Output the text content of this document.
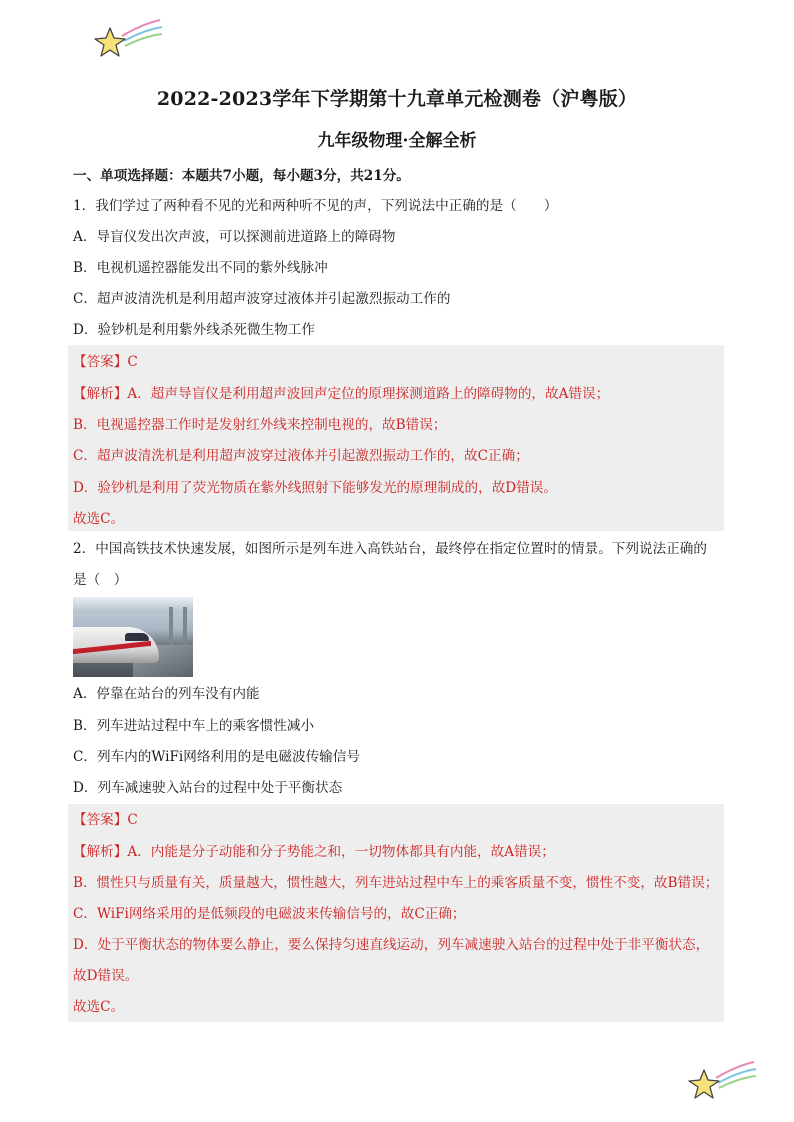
2022-2023学年下学期第十九章单元检测卷（沪粤版）
九年级物理·全解全析
一、单项选择题：本题共7小题，每小题3分，共21分。
1．我们学过了两种看不见的光和两种听不见的声，下列说法中正确的是（　　）
A．导盲仪发出次声波，可以探测前进道路上的障碍物
B．电视机遥控器能发出不同的紫外线脉冲
C．超声波清洗机是利用超声波穿过液体并引起激烈振动工作的
D．验钞机是利用紫外线杀死微生物工作
【答案】C
【解析】A．超声导盲仪是利用超声波回声定位的原理探测道路上的障碍物的，故A错误；
B．电视遥控器工作时是发射红外线来控制电视的，故B错误；
C．超声波清洗机是利用超声波穿过液体并引起激烈振动工作的，故C正确；
D．验钞机是利用了荧光物质在紫外线照射下能够发光的原理制成的，故D错误。
故选C。
2．中国高铁技术快速发展，如图所示是列车进入高铁站台，最终停在指定位置时的情景。下列说法正确的
是（　）
A．停靠在站台的列车没有内能
B．列车进站过程中车上的乘客惯性减小
C．列车内的WiFi网络利用的是电磁波传输信号
D．列车减速驶入站台的过程中处于平衡状态
【答案】C
【解析】A．内能是分子动能和分子势能之和，一切物体都具有内能，故A错误；
B．惯性只与质量有关，质量越大，惯性越大，列车进站过程中车上的乘客质量不变，惯性不变，故B错误；
C．WiFi网络采用的是低频段的电磁波来传输信号的，故C正确；
D．处于平衡状态的物体要么静止，要么保持匀速直线运动，列车减速驶入站台的过程中处于非平衡状态，
故D错误。
故选C。
